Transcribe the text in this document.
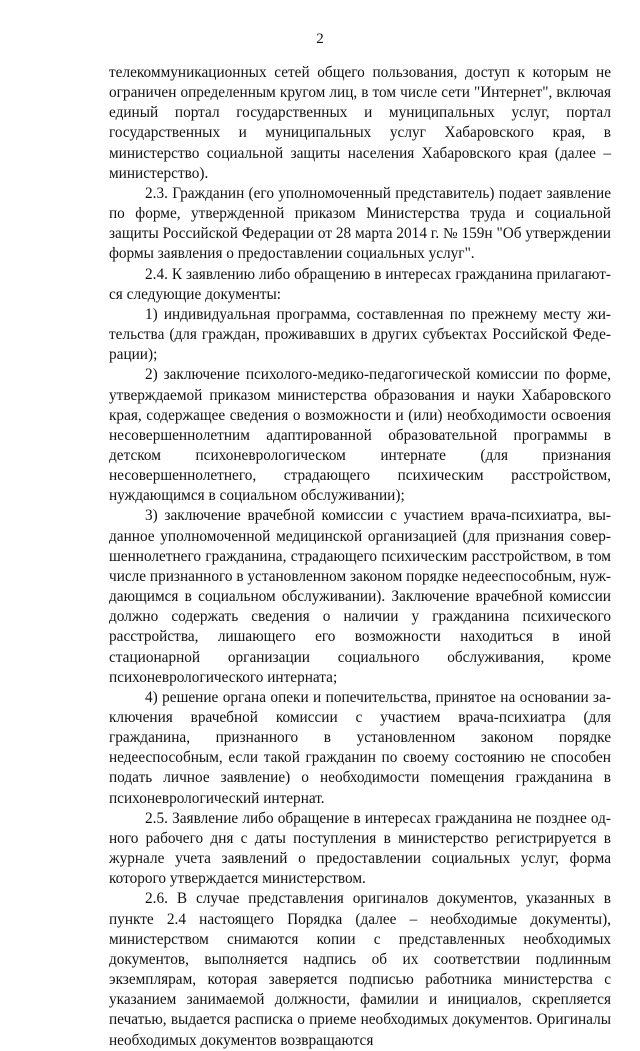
2

телекоммуникационных сетей общего пользования, доступ к которым не ограничен определенным кругом лиц, в том числе сети "Интернет", включая единый портал государственных и муниципальных услуг, портал государственных и муниципальных услуг Хабаровского края, в министерство социальной защиты населения Хабаровского края (далее – министерство).

2.3. Гражданин (его уполномоченный представитель) подает заявление по форме, утвержденной приказом Министерства труда и социальной защиты Российской Федерации от 28 марта 2014 г. № 159н "Об утверждении формы заявления о предоставлении социальных услуг".

2.4. К заявлению либо обращению в интересах гражданина прилагаются следующие документы:

1) индивидуальная программа, составленная по прежнему месту жительства (для граждан, проживавших в других субъектах Российской Федерации);

2) заключение психолого-медико-педагогической комиссии по форме, утверждаемой приказом министерства образования и науки Хабаровского края, содержащее сведения о возможности и (или) необходимости освоения несовершеннолетним адаптированной образовательной программы в детском психоневрологическом интернате (для признания несовершеннолетнего, страдающего психическим расстройством, нуждающимся в социальном обслуживании);

3) заключение врачебной комиссии с участием врача-психиатра, выданное уполномоченной медицинской организацией (для признания совершеннолетнего гражданина, страдающего психическим расстройством, в том числе признанного в установленном законом порядке недееспособным, нуждающимся в социальном обслуживании). Заключение врачебной комиссии должно содержать сведения о наличии у гражданина психического расстройства, лишающего его возможности находиться в иной стационарной организации социального обслуживания, кроме психоневрологического интерната;

4) решение органа опеки и попечительства, принятое на основании заключения врачебной комиссии с участием врача-психиатра (для гражданина, признанного в установленном законом порядке недееспособным, если такой гражданин по своему состоянию не способен подать личное заявление) о необходимости помещения гражданина в психоневрологический интернат.

2.5. Заявление либо обращение в интересах гражданина не позднее одного рабочего дня с даты поступления в министерство регистрируется в журнале учета заявлений о предоставлении социальных услуг, форма которого утверждается министерством.

2.6. В случае представления оригиналов документов, указанных в пункте 2.4 настоящего Порядка (далее – необходимые документы), министерством снимаются копии с представленных необходимых документов, выполняется надпись об их соответствии подлинным экземплярам, которая заверяется подписью работника министерства с указанием занимаемой должности, фамилии и инициалов, скрепляется печатью, выдается расписка о приеме необходимых документов. Оригиналы необходимых документов возвращаются
